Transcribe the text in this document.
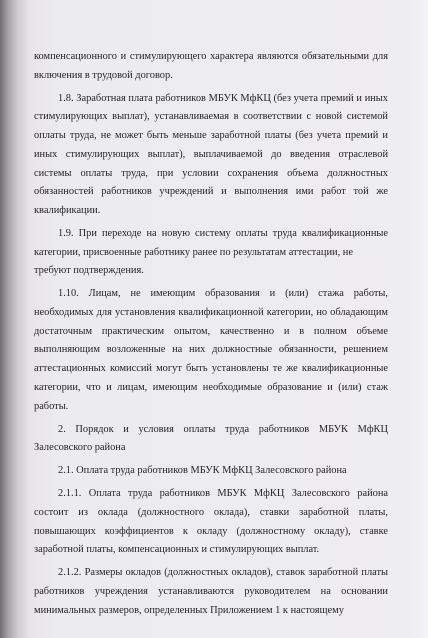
компенсационного и стимулирующего характера являются обязательными для включения в трудовой договор.

1.8. Заработная плата работников МБУК МфКЦ (без учета премий и иных стимулирующих выплат), устанавливаемая в соответствии с новой системой оплаты труда, не может быть меньше заработной платы (без учета премий и иных стимулирующих выплат), выплачиваемой до введения отраслевой системы оплаты труда, при условии сохранения объема должностных обязанностей работников учреждений и выполнения ими работ той же квалификации.

1.9. При переходе на новую систему оплаты труда квалификационные категории, присвоенные работнику ранее по результатам аттестации, не

требуют подтверждения.

1.10. Лицам, не имеющим образования и (или) стажа работы, необходимых для установления квалификационной категории, но обладающим достаточным практическим опытом, качественно и в полном объеме выполняющим возложенные на них должностные обязанности, решением аттестационных комиссий могут быть установлены те же квалификационные категории, что и лицам, имеющим необходимые образование и (или) стаж работы.

2. Порядок и условия оплаты труда работников МБУК МфКЦ Залесовского района

2.1. Оплата труда работников МБУК МфКЦ Залесовского района

2.1.1. Оплата труда работников МБУК МфКЦ Залесовского района состоит из оклада (должностного оклада), ставки заработной платы, повышающих коэффициентов к окладу (должностному окладу), ставке заработной платы, компенсационных и стимулирующих выплат.

2.1.2. Размеры окладов (должностных окладов), ставок заработной платы работников учреждения устанавливаются руководителем на основании минимальных размеров, определенных Приложением 1 к настоящему
